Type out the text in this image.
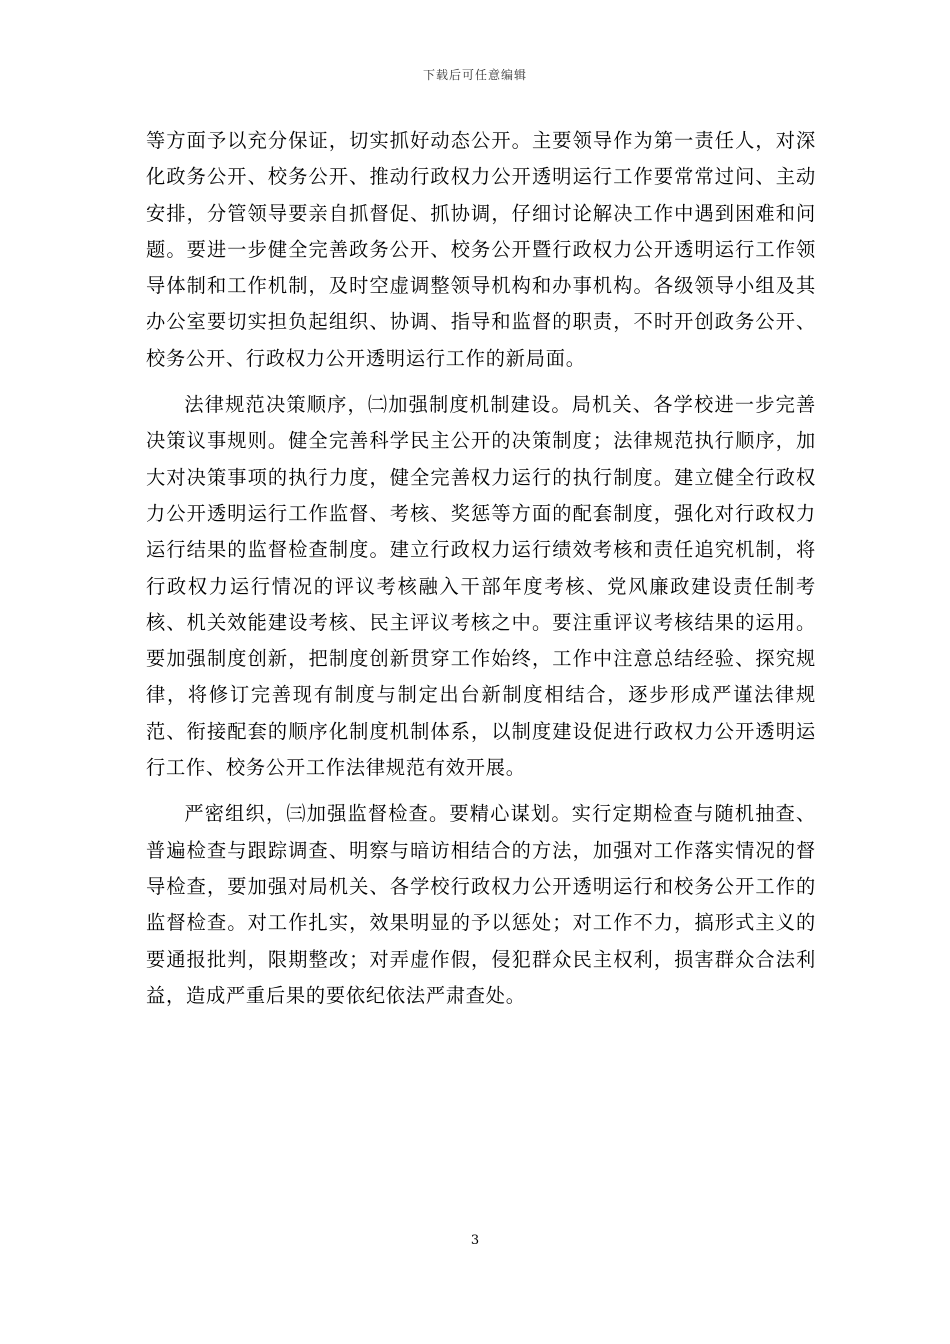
下载后可任意编辑

等方面予以充分保证，切实抓好动态公开。主要领导作为第一责任人，对深化政务公开、校务公开、推动行政权力公开透明运行工作要常常过问、主动安排，分管领导要亲自抓督促、抓协调，仔细讨论解决工作中遇到困难和问题。要进一步健全完善政务公开、校务公开暨行政权力公开透明运行工作领导体制和工作机制，及时空虚调整领导机构和办事机构。各级领导小组及其办公室要切实担负起组织、协调、指导和监督的职责，不时开创政务公开、校务公开、行政权力公开透明运行工作的新局面。

法律规范决策顺序，㈡加强制度机制建设。局机关、各学校进一步完善决策议事规则。健全完善科学民主公开的决策制度；法律规范执行顺序，加大对决策事项的执行力度，健全完善权力运行的执行制度。建立健全行政权力公开透明运行工作监督、考核、奖惩等方面的配套制度，强化对行政权力运行结果的监督检查制度。建立行政权力运行绩效考核和责任追究机制，将行政权力运行情况的评议考核融入干部年度考核、党风廉政建设责任制考核、机关效能建设考核、民主评议考核之中。要注重评议考核结果的运用。要加强制度创新，把制度创新贯穿工作始终，工作中注意总结经验、探究规律，将修订完善现有制度与制定出台新制度相结合，逐步形成严谨法律规范、衔接配套的顺序化制度机制体系，以制度建设促进行政权力公开透明运行工作、校务公开工作法律规范有效开展。

严密组织，㈢加强监督检查。要精心谋划。实行定期检查与随机抽查、普遍检查与跟踪调查、明察与暗访相结合的方法，加强对工作落实情况的督导检查，要加强对局机关、各学校行政权力公开透明运行和校务公开工作的监督检查。对工作扎实，效果明显的予以惩处；对工作不力，搞形式主义的要通报批判，限期整改；对弄虚作假，侵犯群众民主权利，损害群众合法利益，造成严重后果的要依纪依法严肃查处。

3
